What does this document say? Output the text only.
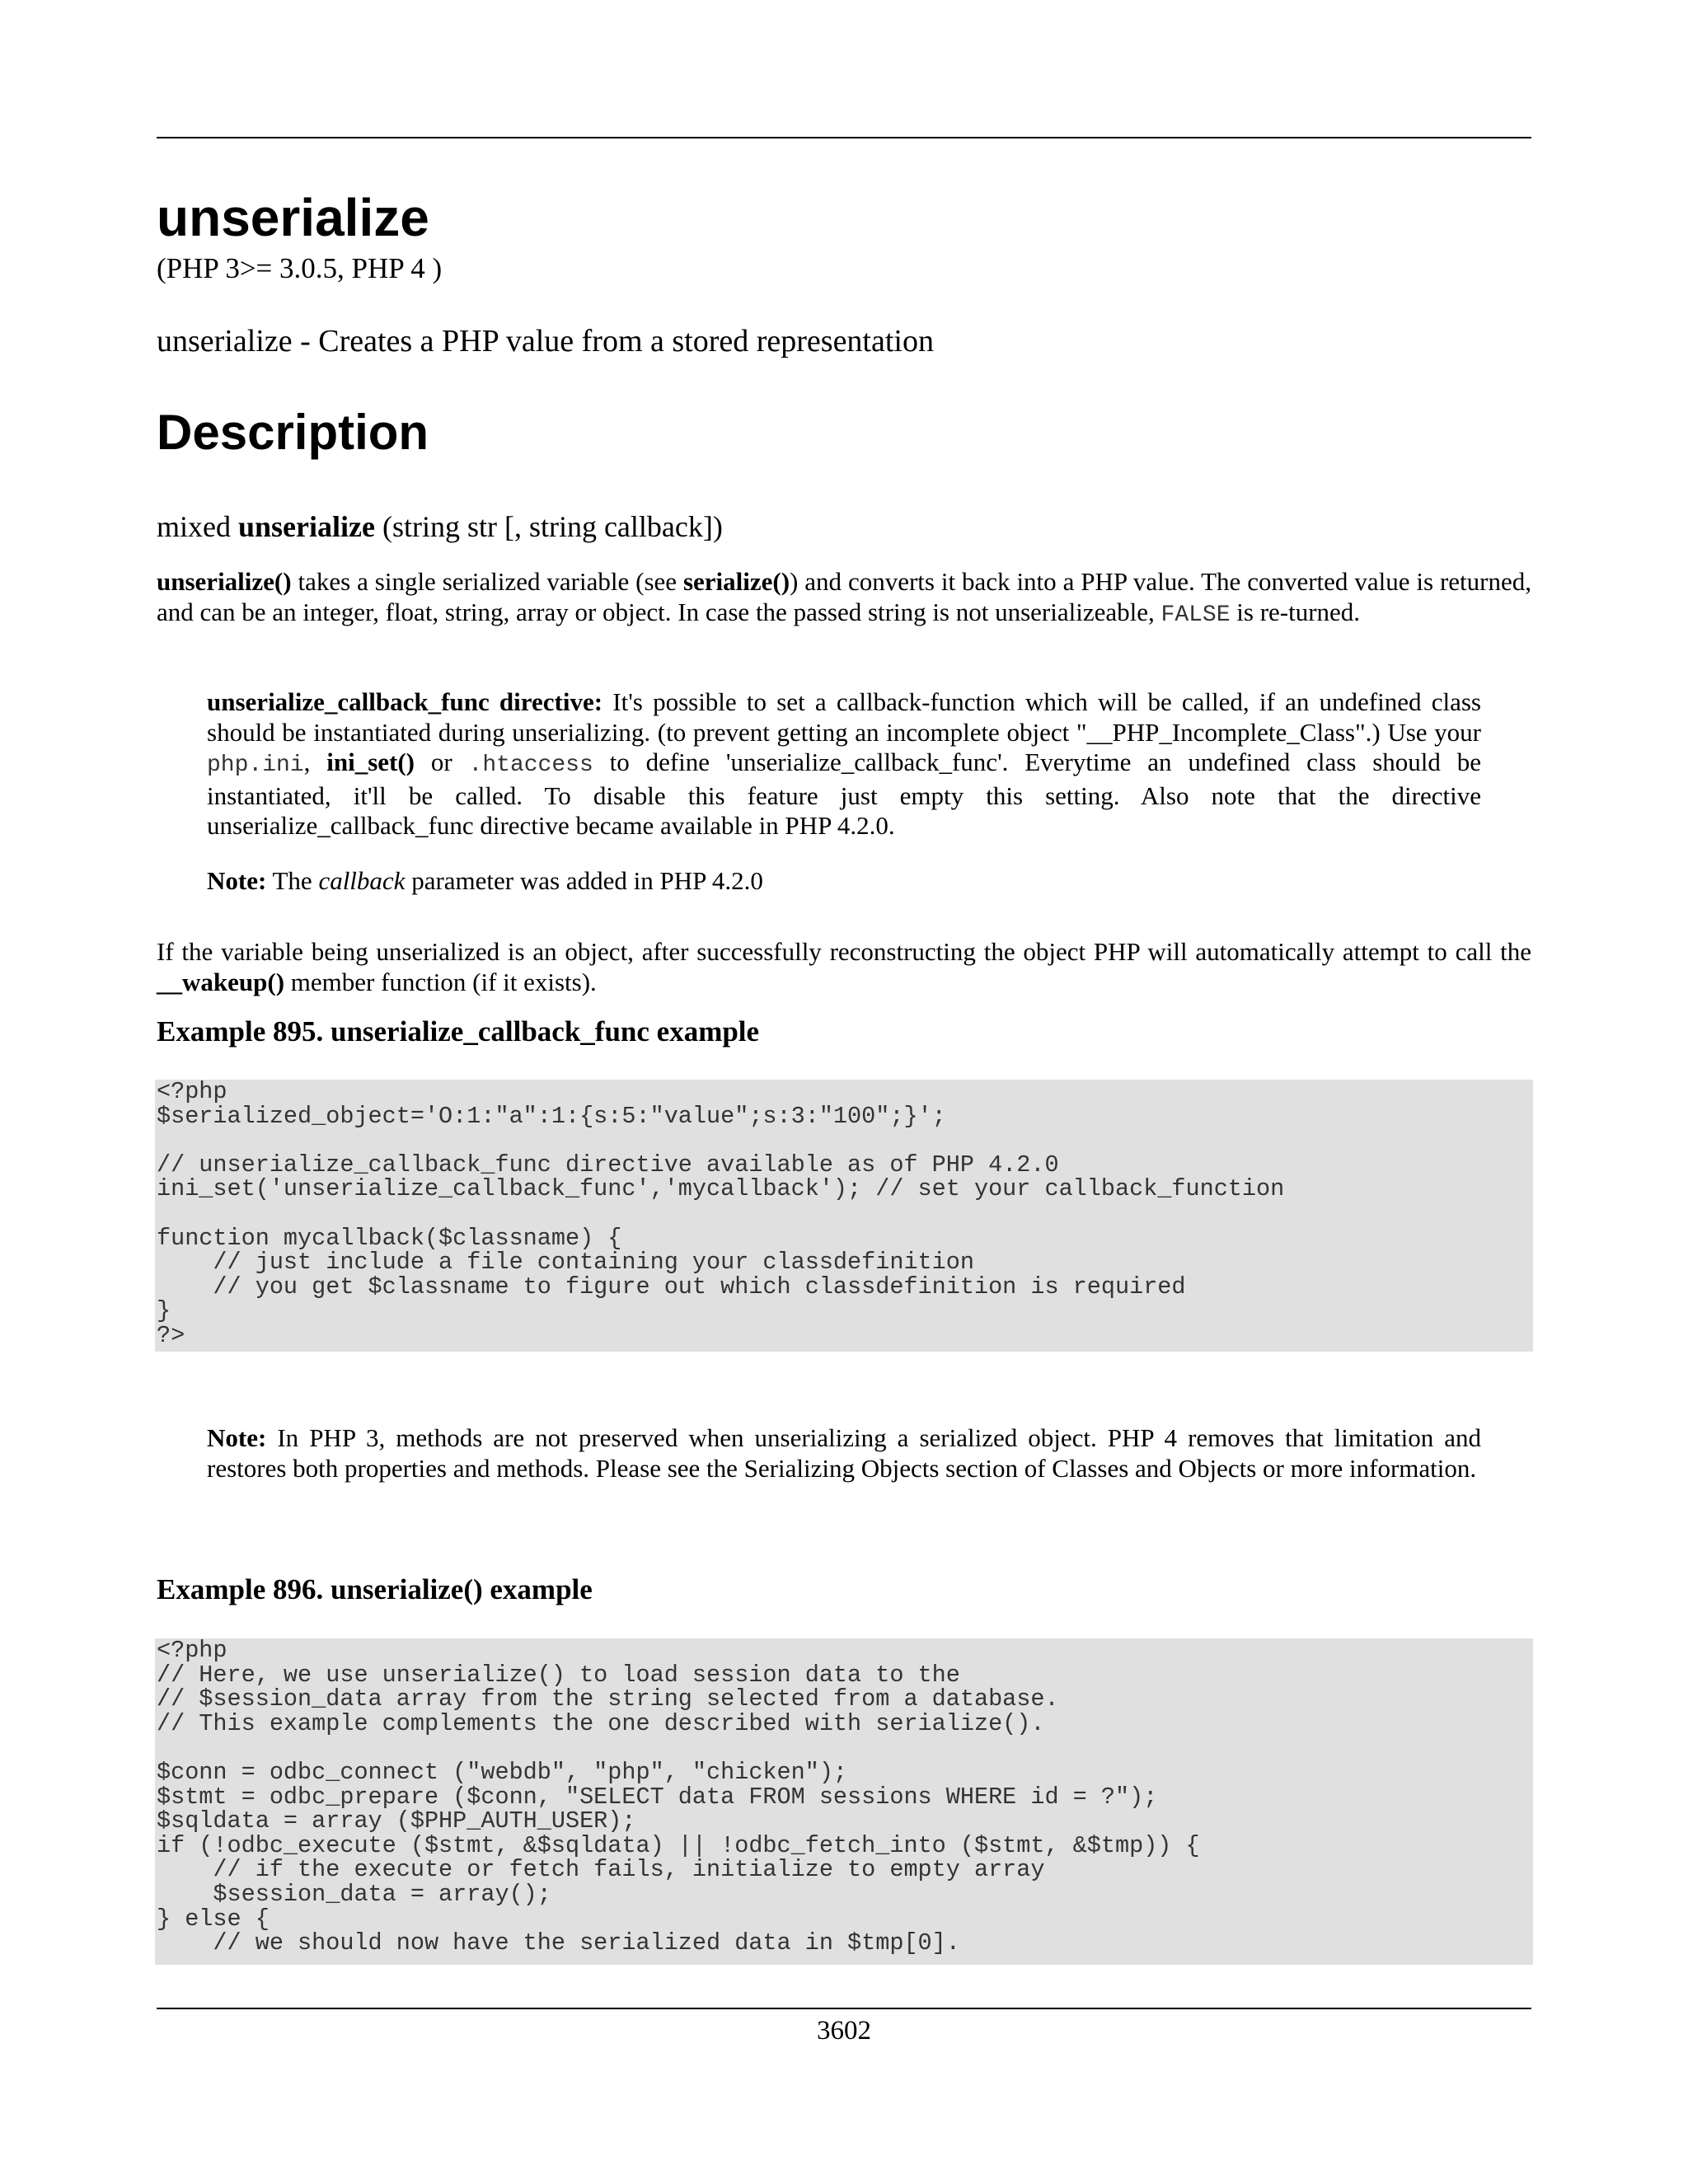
unserialize
(PHP 3>= 3.0.5, PHP 4 )
unserialize - Creates a PHP value from a stored representation
Description
mixed unserialize (string str [, string callback])

unserialize() takes a single serialized variable (see serialize()) and converts it back into a PHP value. The converted value is returned, and can be an integer, float, string, array or object. In case the passed string is not unserializeable, FALSE is re-turned.

unserialize_callback_func directive: It's possible to set a callback-function which will be called, if an undefined class should be instantiated during unserializing. (to prevent getting an incomplete object "__PHP_Incomplete_Class".) Use your php.ini, ini_set() or .htaccess to define 'unserialize_callback_func'. Everytime an undefined class should be instantiated, it'll be called. To disable this feature just empty this setting. Also note that the directive unserialize_callback_func directive became available in PHP 4.2.0.

Note: The callback parameter was added in PHP 4.2.0

If the variable being unserialized is an object, after successfully reconstructing the object PHP will automatically attempt to call the __wakeup() member function (if it exists).

Example 895. unserialize_callback_func example
<?php
$serialized_object='O:1:"a":1:{s:5:"value";s:3:"100";}';
// unserialize_callback_func directive available as of PHP 4.2.0
ini_set('unserialize_callback_func','mycallback'); // set your callback_function
function mycallback($classname) {
// just include a file containing your classdefinition
// you get $classname to figure out which classdefinition is required
}
?>

Note: In PHP 3, methods are not preserved when unserializing a serialized object. PHP 4 removes that limitation and restores both properties and methods. Please see the Serializing Objects section of Classes and Objects or more information.

Example 896. unserialize() example
<?php
// Here, we use unserialize() to load session data to the
// $session_data array from the string selected from a database.
// This example complements the one described with serialize().
$conn = odbc_connect ("webdb", "php", "chicken");
$stmt = odbc_prepare ($conn, "SELECT data FROM sessions WHERE id = ?");
$sqldata = array ($PHP_AUTH_USER);
if (!odbc_execute ($stmt, &$sqldata) || !odbc_fetch_into ($stmt, &$tmp)) {
// if the execute or fetch fails, initialize to empty array
$session_data = array();
} else {
// we should now have the serialized data in $tmp[0].
3602
